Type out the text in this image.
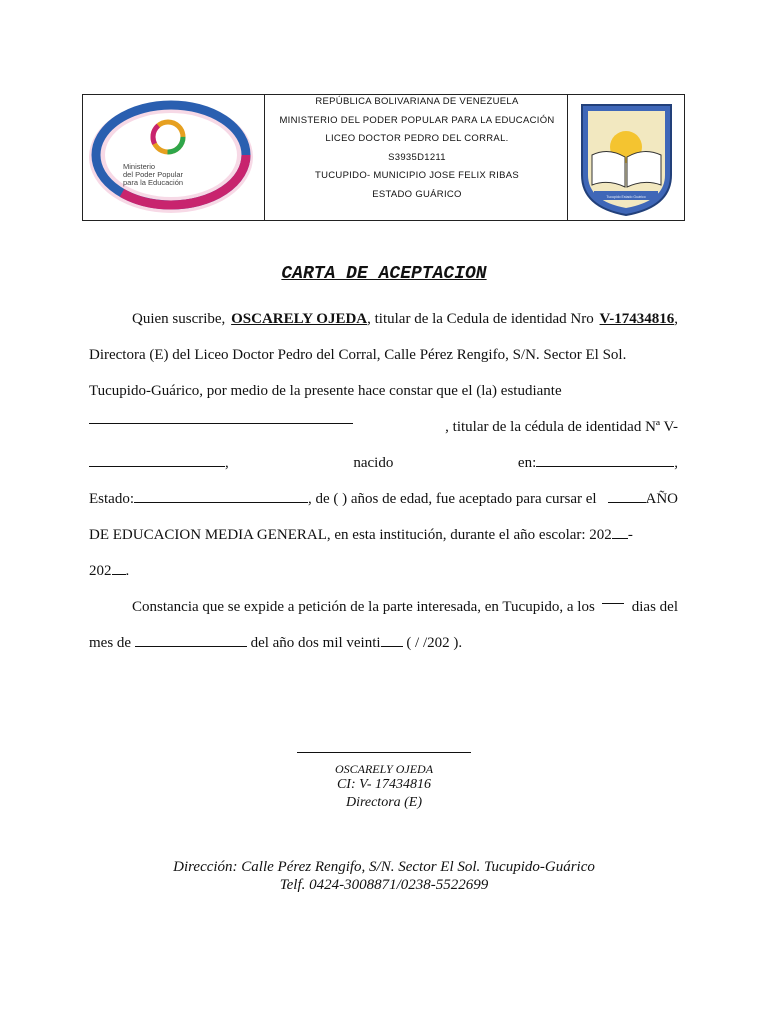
Ministerio
del Poder Popular
para la Educación
REPÚBLICA BOLIVARIANA DE VENEZUELA
MINISTERIO DEL PODER POPULAR PARA LA EDUCACIÓN
LICEO DOCTOR PEDRO DEL CORRAL.
S3935D1211
TUCUPIDO- MUNICIPIO JOSE FELIX RIBAS
ESTADO GUÁRICO	Tucupido Estado Guárico
CARTA DE ACEPTACION
Quien suscribe, OSCARELY OJEDA, titular de la Cedula de identidad Nro V-17434816,

Directora (E) del Liceo Doctor Pedro del Corral, Calle Pérez Rengifo, S/N. Sector El Sol.

Tucupido-Guárico, por medio de la presente hace constar que el (la) estudiante

, titular de la cédula de identidad Nª V-
,	nacido	en:	,
Estado:	, de ( ) años de edad, fue aceptado para cursar el	AÑO
DE EDUCACION MEDIA GENERAL, en esta institución, durante el año escolar: 202 -

202 .

Constancia que se expide a petición de la parte interesada, en Tucupido, a los dias del

mes de	del año dos mil veinti ( / /202 ).

OSCARELY OJEDA
CI: V- 17434816
Directora (E)
Dirección: Calle Pérez Rengifo, S/N. Sector El Sol. Tucupido-Guárico
Telf. 0424-3008871/0238-5522699
